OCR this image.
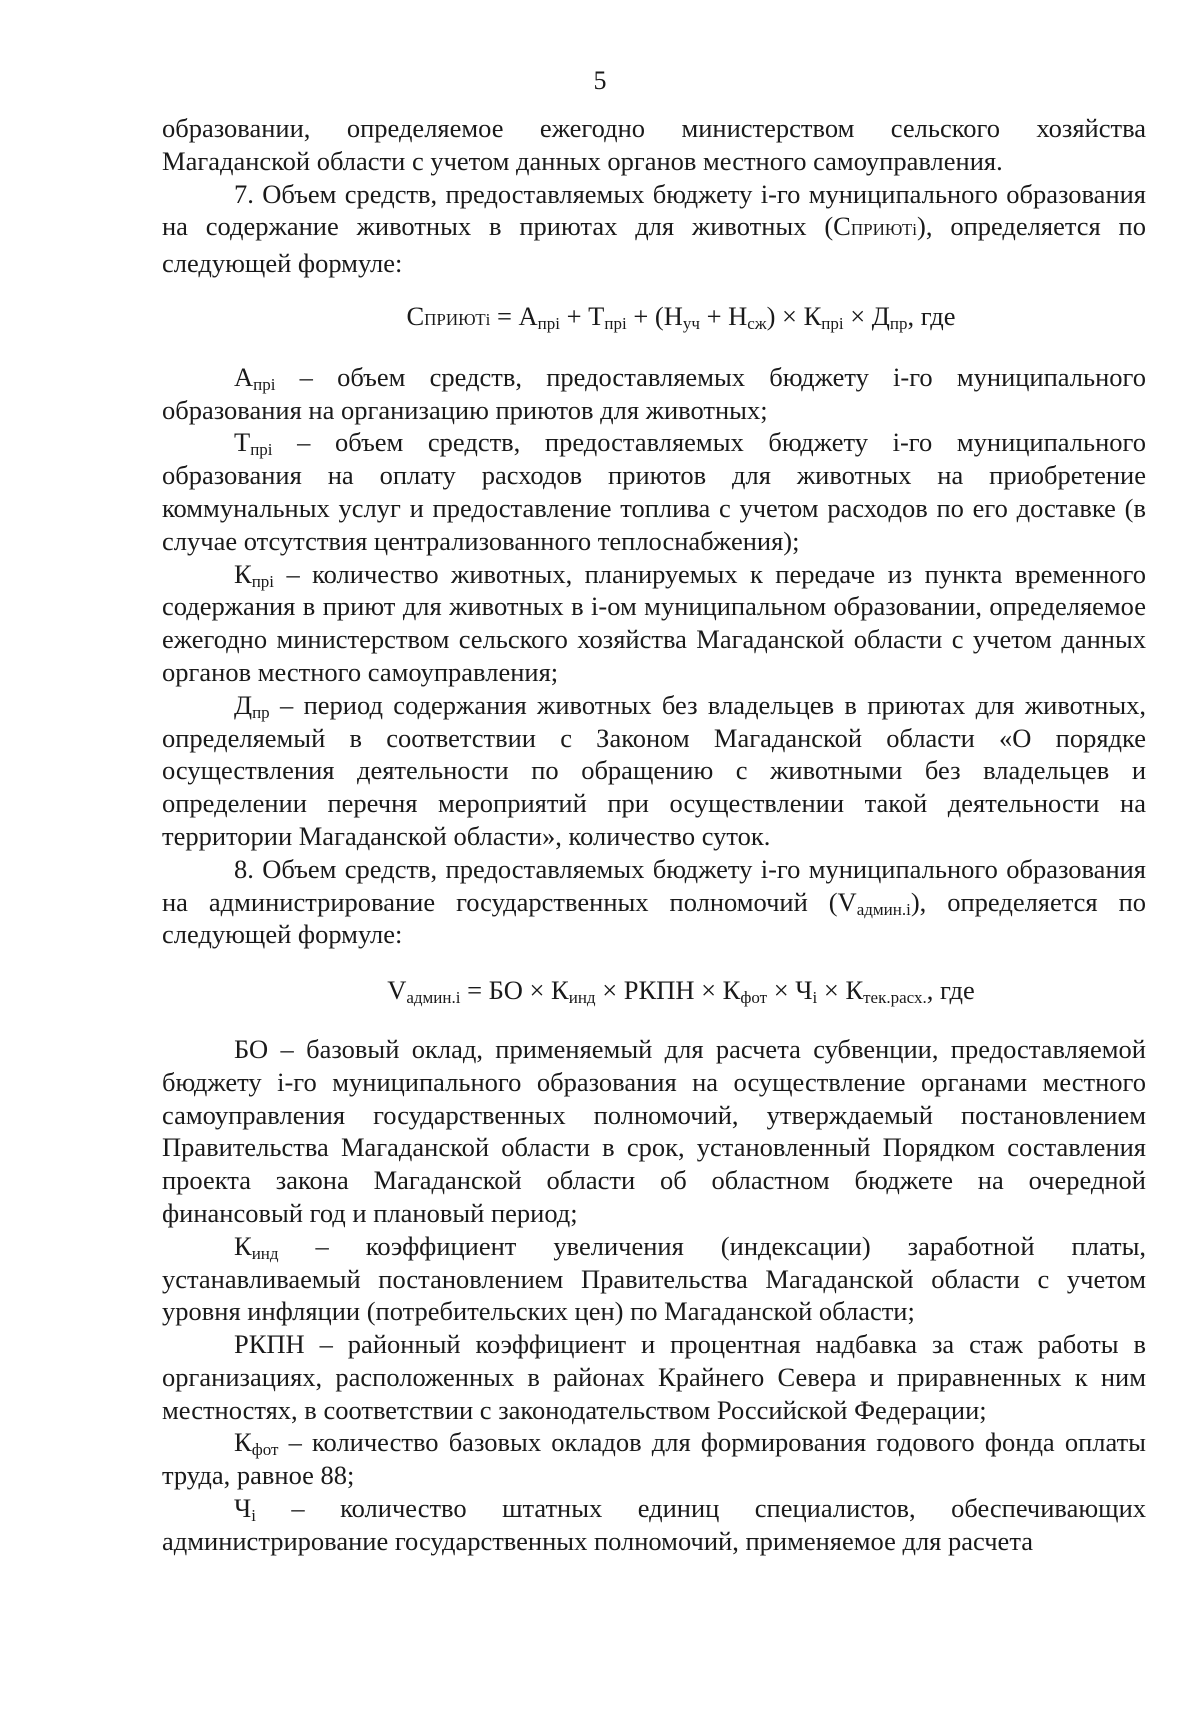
5

образовании, определяемое ежегодно министерством сельского хозяйства Магаданской области с учетом данных органов местного самоуправления.

7. Объем средств, предоставляемых бюджету i-го муниципального образования на содержание животных в приютах для животных (СПРИЮТi), определяется по следующей формуле:

СПРИЮТi = $А_{прi} + Т_{прi} + (Н_{уч} + Н_{сж}) \times К_{прi} \times Д_{пр}$, где

$А_{прi}$ – объем средств, предоставляемых бюджету i-го муниципального образования на организацию приютов для животных;

$Т_{прi}$ – объем средств, предоставляемых бюджету i-го муниципального образования на оплату расходов приютов для животных на приобретение коммунальных услуг и предоставление топлива с учетом расходов по его доставке (в случае отсутствия централизованного теплоснабжения);

$К_{прi}$ – количество животных, планируемых к передаче из пункта временного содержания в приют для животных в i-ом муниципальном образовании, определяемое ежегодно министерством сельского хозяйства Магаданской области с учетом данных органов местного самоуправления;

$Д_{пр}$ – период содержания животных без владельцев в приютах для животных, определяемый в соответствии с Законом Магаданской области «О порядке осуществления деятельности по обращению с животными без владельцев и определении перечня мероприятий при осуществлении такой деятельности на территории Магаданской области», количество суток.

8. Объем средств, предоставляемых бюджету i-го муниципального образования на администрирование государственных полномочий $(V_{админ.i})$, определяется по следующей формуле:

$V_{админ.i}$ = БО × $К_{инд}$ × РКПН × $К_{фот} \times Ч_i \times К_{тек.расх.}$, где

БО – базовый оклад, применяемый для расчета субвенции, предоставляемой бюджету i-го муниципального образования на осуществление органами местного самоуправления государственных полномочий, утверждаемый постановлением Правительства Магаданской области в срок, установленный Порядком составления проекта закона Магаданской области об областном бюджете на очередной финансовый год и плановый период;

$К_{инд}$ – коэффициент увеличения (индексации) заработной платы, устанавливаемый постановлением Правительства Магаданской области с учетом уровня инфляции (потребительских цен) по Магаданской области;

РКПН – районный коэффициент и процентная надбавка за стаж работы в организациях, расположенных в районах Крайнего Севера и приравненных к ним местностях, в соответствии с законодательством Российской Федерации;

$К_{фот}$ – количество базовых окладов для формирования годового фонда оплаты труда, равное 88;

$Ч_i$ – количество штатных единиц специалистов, обеспечивающих администрирование государственных полномочий, применяемое для расчета
